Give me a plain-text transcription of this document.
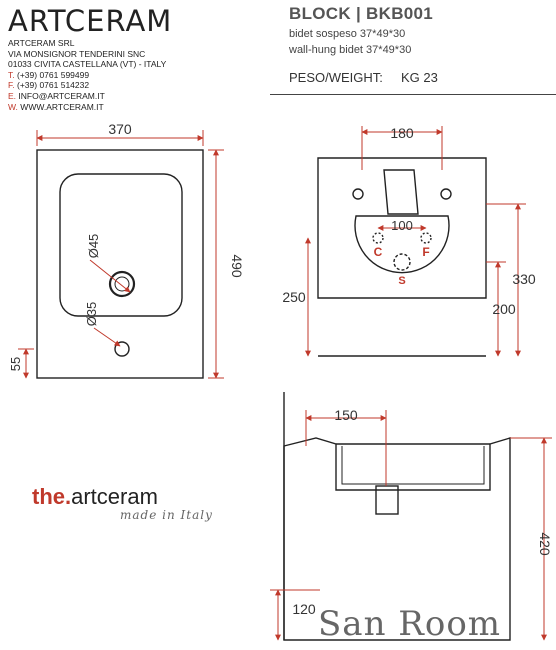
ARTCERAM
ARTCERAM SRL
VIA MONSIGNOR TENDERINI SNC
01033 CIVITA CASTELLANA (VT) - ITALY
T. (+39) 0761 599499
F. (+39) 0761 514232
E. INFO@ARTCERAM.IT
W. WWW.ARTCERAM.IT
BLOCK | BKB001
bidet sospeso 37*49*30
wall-hung bidet 37*49*30
PESO/WEIGHT: KG 23
370
490
Ø45
Ø35
55
180
100
C	F
S
250
330
200
150
420
120
the.artceram
made in Italy
San Room
